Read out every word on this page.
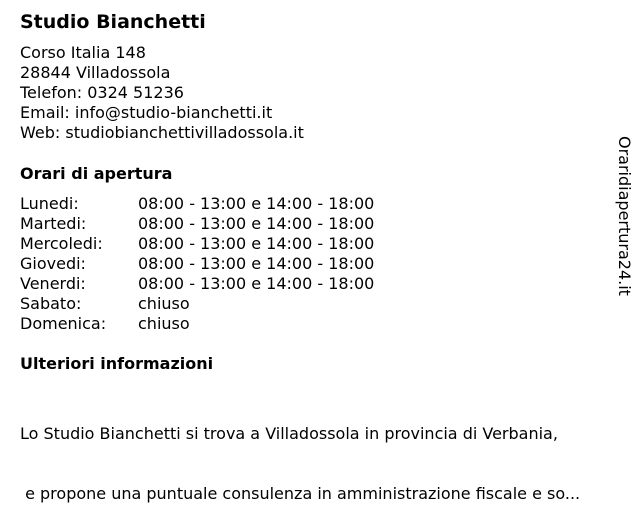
Studio Bianchetti
Corso Italia 148
28844 Villadossola
Telefon: 0324 51236
Email: info@studio-bianchetti.it
Web: studiobianchettivilladossola.it
Orari di apertura
Lunedi:	08:00 - 13:00 e 14:00 - 18:00
Martedi:	08:00 - 13:00 e 14:00 - 18:00
Mercoledi: 08:00 - 13:00 e 14:00 - 18:00
Giovedi:	08:00 - 13:00 e 14:00 - 18:00
Venerdi:	08:00 - 13:00 e 14:00 - 18:00
Sabato:	chiuso
Domenica: chiuso
Ulteriori informazioni

Lo Studio Bianchetti si trova a Villadossola in provincia di Verbania,

e propone una puntuale consulenza in amministrazione fiscale e so...

Oraridiapertura24.it
